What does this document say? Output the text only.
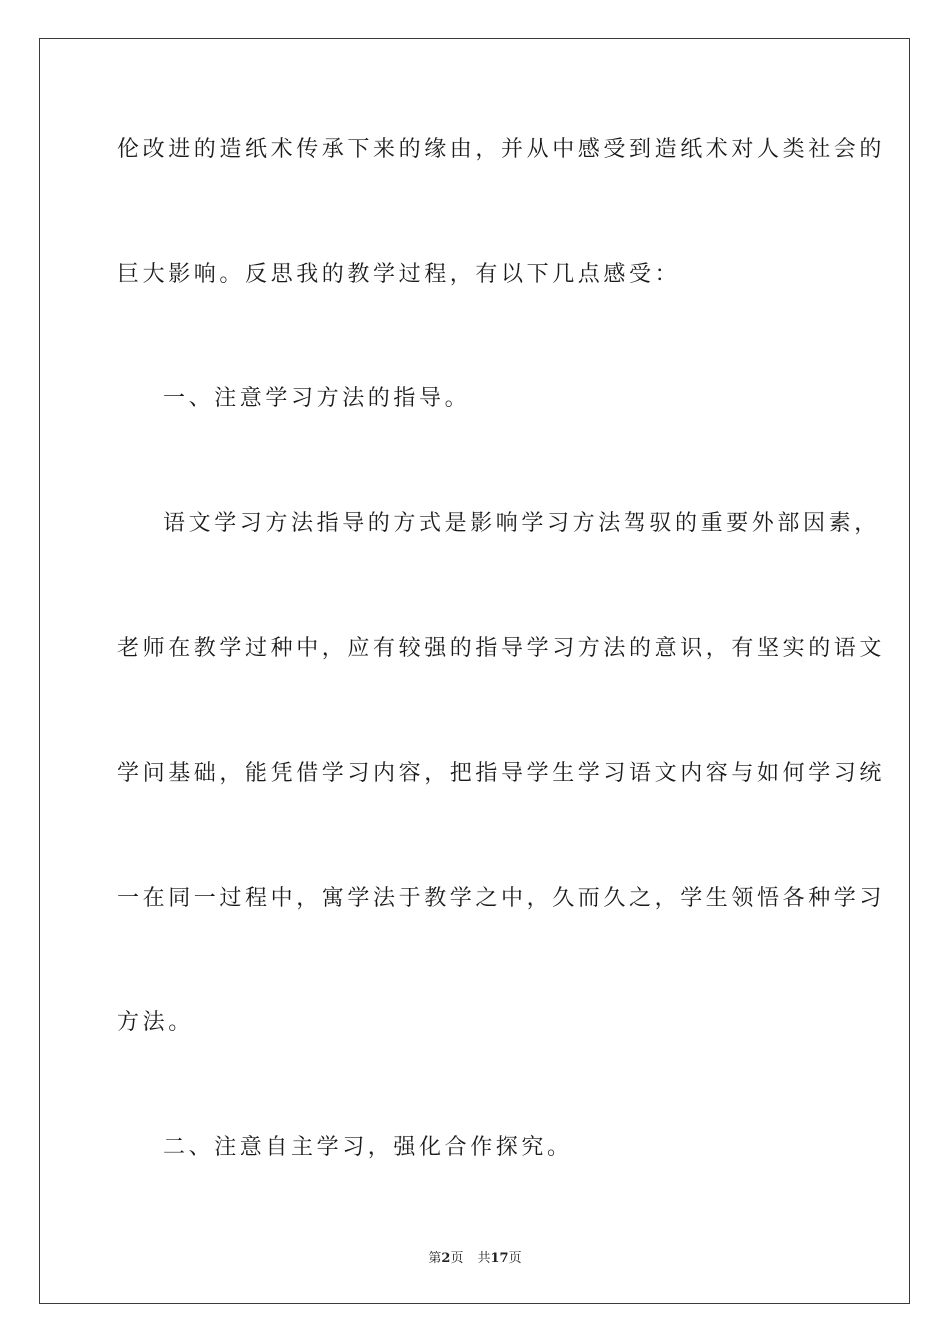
伦改进的造纸术传承下来的缘由，并从中感受到造纸术对人类社会的
巨大影响。反思我的教学过程，有以下几点感受：
一、注意学习方法的指导。
语文学习方法指导的方式是影响学习方法驾驭的重要外部因素，
老师在教学过种中，应有较强的指导学习方法的意识，有坚实的语文
学问基础，能凭借学习内容，把指导学生学习语文内容与如何学习统
一在同一过程中，寓学法于教学之中，久而久之，学生领悟各种学习
方法。
二、注意自主学习，强化合作探究。
第2页 共17页
